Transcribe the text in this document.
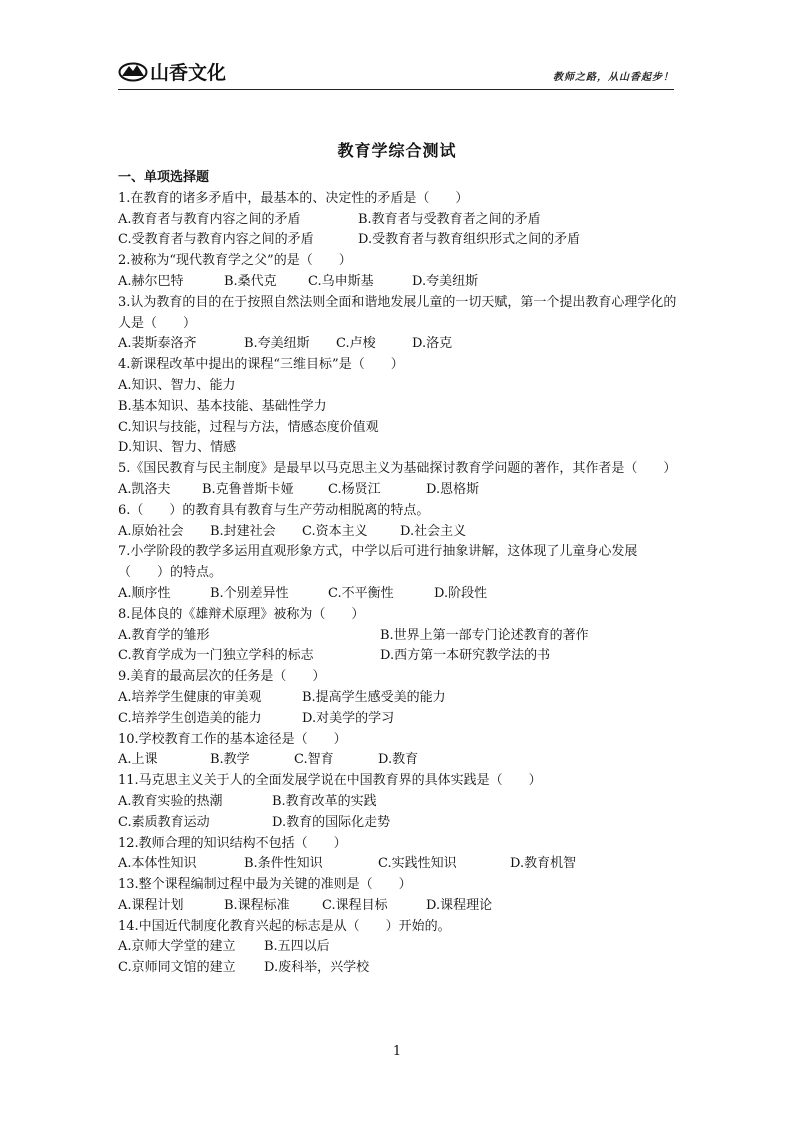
山香文化	教师之路，从山香起步！
教育学综合测试
一、单项选择题
1.在教育的诸多矛盾中，最基本的、决定性的矛盾是（　　）
A.教育者与教育内容之间的矛盾	B.教育者与受教育者之间的矛盾
C.受教育者与教育内容之间的矛盾	D.受教育者与教育组织形式之间的矛盾
2.被称为“现代教育学之父”的是（　　）
A.赫尔巴特	B.桑代克	C.乌申斯基	D.夸美纽斯
3.认为教育的目的在于按照自然法则全面和谐地发展儿童的一切天赋，第一个提出教育心理学化的人是（　　）
A.裴斯泰洛齐	B.夸美纽斯	C.卢梭	D.洛克
4.新课程改革中提出的课程“三维目标”是（　　）
A.知识、智力、能力
B.基本知识、基本技能、基础性学力
C.知识与技能，过程与方法，情感态度价值观
D.知识、智力、情感
5.《国民教育与民主制度》是最早以马克思主义为基础探讨教育学问题的著作，其作者是（　　）
A.凯洛夫	B.克鲁普斯卡娅	C.杨贤江	D.恩格斯
6.（　　）的教育具有教育与生产劳动相脱离的特点。
A.原始社会	B.封建社会	C.资本主义	D.社会主义
7.小学阶段的教学多运用直观形象方式，中学以后可进行抽象讲解，这体现了儿童身心发展（　　）的特点。
A.顺序性	B.个别差异性	C.不平衡性	D.阶段性
8.昆体良的《雄辩术原理》被称为（　　）
A.教育学的雏形	B.世界上第一部专门论述教育的著作
C.教育学成为一门独立学科的标志	D.西方第一本研究教学法的书
9.美育的最高层次的任务是（　　）
A.培养学生健康的审美观	B.提高学生感受美的能力
C.培养学生创造美的能力	D.对美学的学习
10.学校教育工作的基本途径是（　　）
A.上课	B.教学	C.智育	D.教育
11.马克思主义关于人的全面发展学说在中国教育界的具体实践是（　　）
A.教育实验的热潮	B.教育改革的实践
C.素质教育运动	D.教育的国际化走势
12.教师合理的知识结构不包括（　　）
A.本体性知识	B.条件性知识	C.实践性知识	D.教育机智
13.整个课程编制过程中最为关键的准则是（　　）
A.课程计划	B.课程标准	C.课程目标	D.课程理论
14.中国近代制度化教育兴起的标志是从（　　）开始的。
A.京师大学堂的建立	B.五四以后
C.京师同文馆的建立	D.废科举，兴学校
1
